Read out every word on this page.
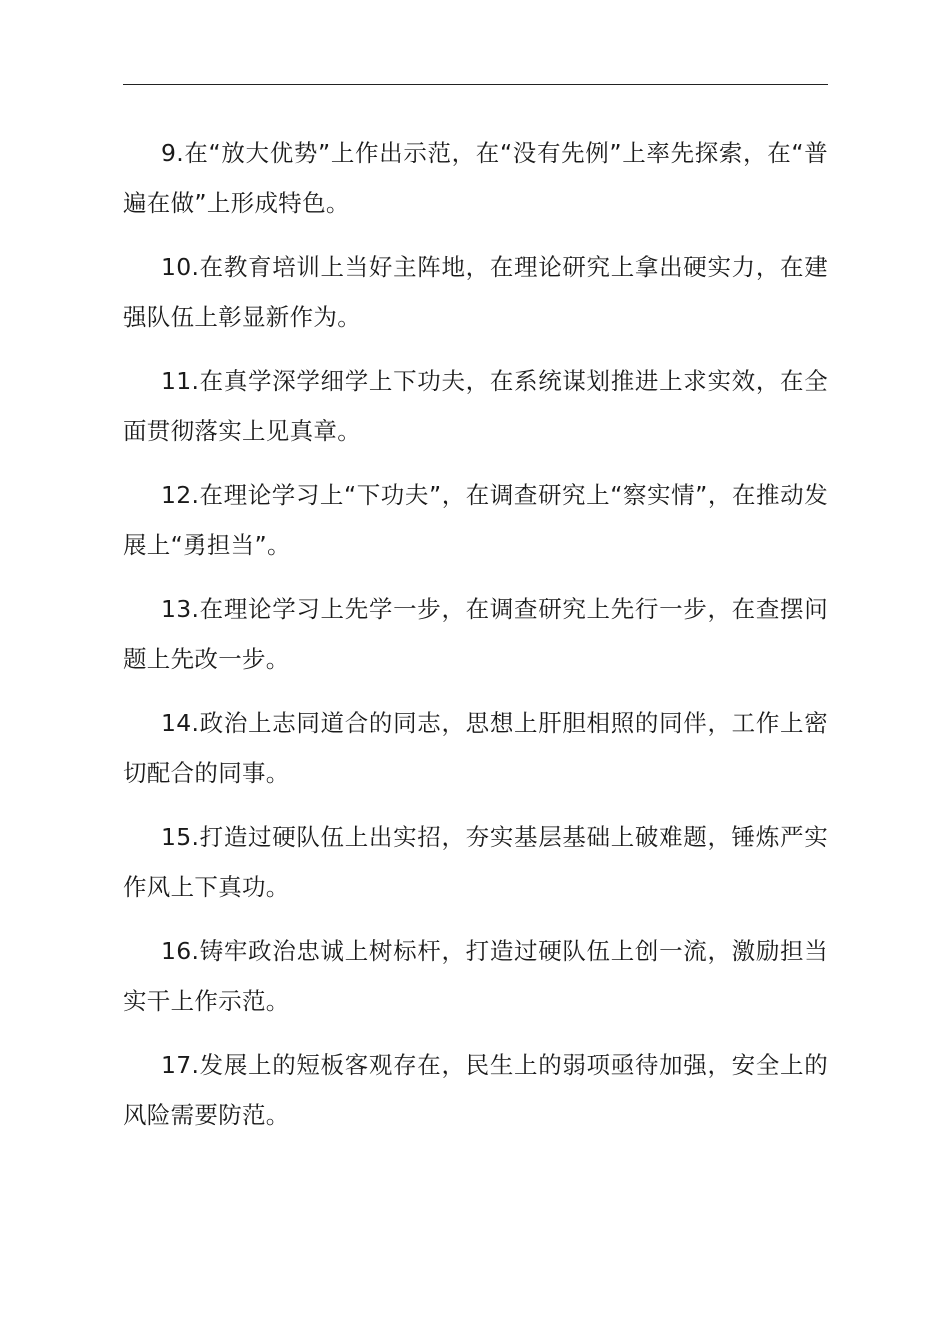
9.在“放大优势”上作出示范，在“没有先例”上率先探索，在“普遍在做”上形成特色。

10.在教育培训上当好主阵地，在理论研究上拿出硬实力，在建强队伍上彰显新作为。

11.在真学深学细学上下功夫，在系统谋划推进上求实效，在全面贯彻落实上见真章。

12.在理论学习上“下功夫”，在调查研究上“察实情”，在推动发展上“勇担当”。

13.在理论学习上先学一步，在调查研究上先行一步，在查摆问题上先改一步。

14.政治上志同道合的同志，思想上肝胆相照的同伴，工作上密切配合的同事。

15.打造过硬队伍上出实招，夯实基层基础上破难题，锤炼严实作风上下真功。

16.铸牢政治忠诚上树标杆，打造过硬队伍上创一流，激励担当实干上作示范。

17.发展上的短板客观存在，民生上的弱项亟待加强，安全上的风险需要防范。
